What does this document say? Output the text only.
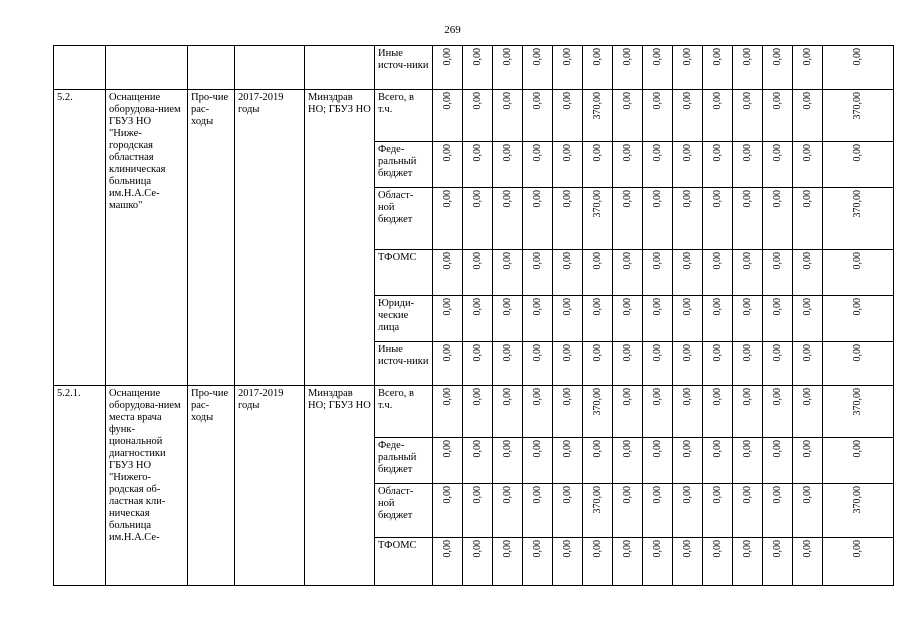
269
					Иные источ-ники	0,00	0,00	0,00	0,00	0,00	0,00	0,00	0,00	0,00	0,00	0,00	0,00	0,00	0,00
5.2.	Оснащение оборудова-нием ГБУЗ НО "Ниже-городская областная клиническая больница им.Н.А.Се-машко"	Про-чие рас-ходы	2017-2019 годы	Минздрав НО; ГБУЗ НО	Всего, в т.ч.	0,00	0,00	0,00	0,00	0,00	370,00	0,00	0,00	0,00	0,00	0,00	0,00	0,00	370,00
					Феде-ральный бюджет	0,00	0,00	0,00	0,00	0,00	0,00	0,00	0,00	0,00	0,00	0,00	0,00	0,00	0,00
					Област-ной бюджет	0,00	0,00	0,00	0,00	0,00	370,00	0,00	0,00	0,00	0,00	0,00	0,00	0,00	370,00
					ТФОМС	0,00	0,00	0,00	0,00	0,00	0,00	0,00	0,00	0,00	0,00	0,00	0,00	0,00	0,00
					Юриди-ческие лица	0,00	0,00	0,00	0,00	0,00	0,00	0,00	0,00	0,00	0,00	0,00	0,00	0,00	0,00
					Иные источ-ники	0,00	0,00	0,00	0,00	0,00	0,00	0,00	0,00	0,00	0,00	0,00	0,00	0,00	0,00
5.2.1.	Оснащение оборудова-нием места врача функ-циональной диагностики ГБУЗ НО "Нижего-родская об-ластная кли-ническая больница им.Н.А.Се-	Про-чие рас-ходы	2017-2019 годы	Минздрав НО; ГБУЗ НО	Всего, в т.ч.	0,00	0,00	0,00	0,00	0,00	370,00	0,00	0,00	0,00	0,00	0,00	0,00	0,00	370,00
					Феде-ральный бюджет	0,00	0,00	0,00	0,00	0,00	0,00	0,00	0,00	0,00	0,00	0,00	0,00	0,00	0,00
					Област-ной бюджет	0,00	0,00	0,00	0,00	0,00	370,00	0,00	0,00	0,00	0,00	0,00	0,00	0,00	370,00
					ТФОМС	0,00	0,00	0,00	0,00	0,00	0,00	0,00	0,00	0,00	0,00	0,00	0,00	0,00	0,00
